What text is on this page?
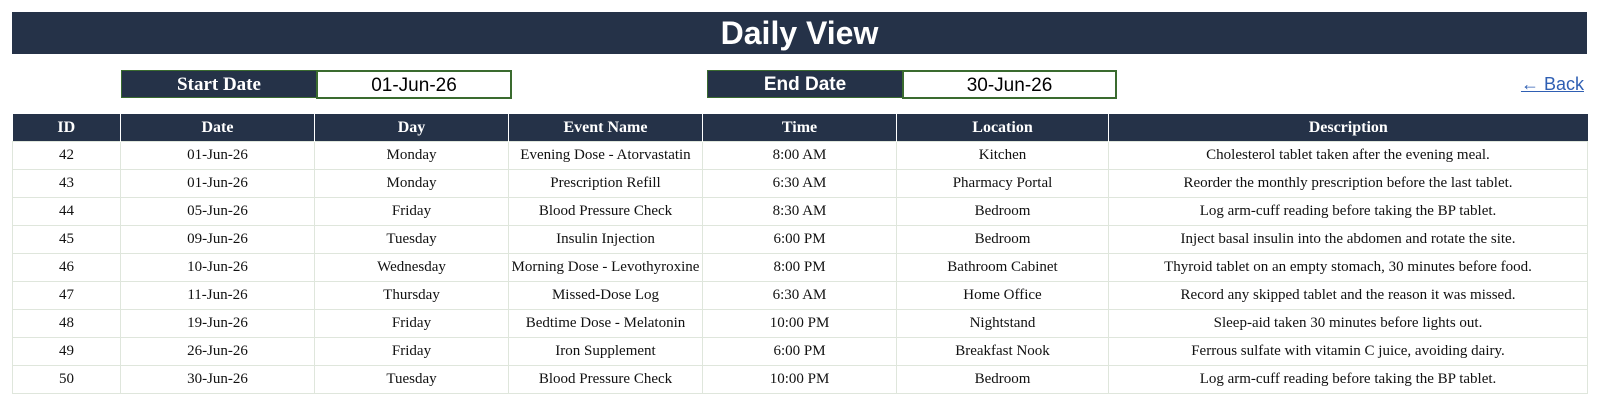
Daily View
Start Date	01-Jun-26	End Date	30-Jun-26	← Back
ID	Date	Day	Event Name	Time	Location	Description
42	01-Jun-26	Monday	Evening Dose - Atorvastatin	8:00 AM	Kitchen	Cholesterol tablet taken after the evening meal.
43	01-Jun-26	Monday	Prescription Refill	6:30 AM	Pharmacy Portal	Reorder the monthly prescription before the last tablet.
44	05-Jun-26	Friday	Blood Pressure Check	8:30 AM	Bedroom	Log arm-cuff reading before taking the BP tablet.
45	09-Jun-26	Tuesday	Insulin Injection	6:00 PM	Bedroom	Inject basal insulin into the abdomen and rotate the site.
46	10-Jun-26	Wednesday	Morning Dose - Levothyroxine	8:00 PM	Bathroom Cabinet	Thyroid tablet on an empty stomach, 30 minutes before food.
47	11-Jun-26	Thursday	Missed-Dose Log	6:30 AM	Home Office	Record any skipped tablet and the reason it was missed.
48	19-Jun-26	Friday	Bedtime Dose - Melatonin	10:00 PM	Nightstand	Sleep-aid taken 30 minutes before lights out.
49	26-Jun-26	Friday	Iron Supplement	6:00 PM	Breakfast Nook	Ferrous sulfate with vitamin C juice, avoiding dairy.
50	30-Jun-26	Tuesday	Blood Pressure Check	10:00 PM	Bedroom	Log arm-cuff reading before taking the BP tablet.
